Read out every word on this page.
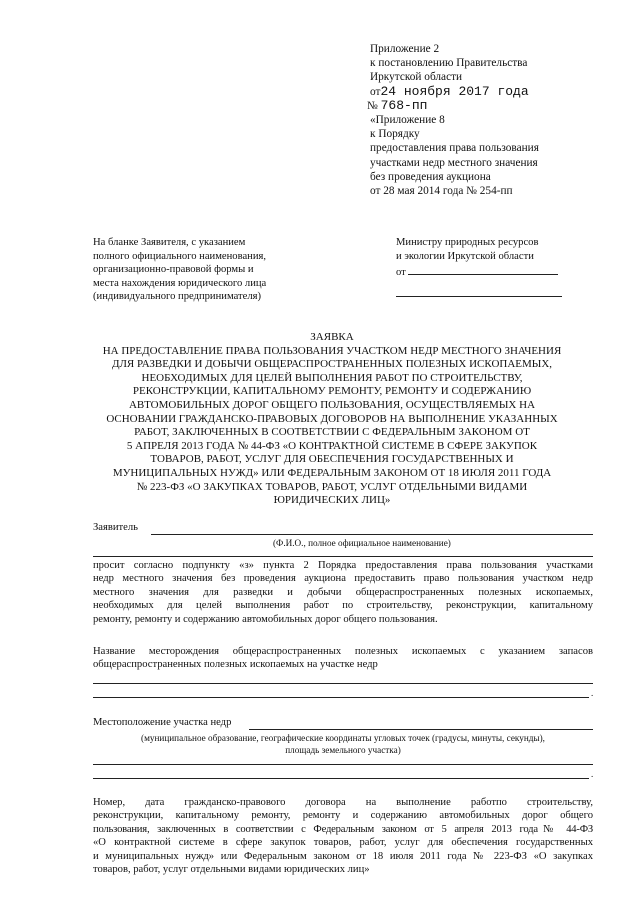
Приложение 2
к постановлению Правительства
Иркутской области
от24 ноября 2017 года
№ 768-пп
«Приложение 8
к Порядку
предоставления права пользования
участками недр местного значения
без проведения аукциона
от 28 мая 2014 года № 254-пп
На бланке Заявителя, с указанием
полного официального наименования,
организационно-правовой формы и
места нахождения юридического лица
(индивидуального предпринимателя)
Министру природных ресурсов
и экологии Иркутской области
от
ЗАЯВКА
НА ПРЕДОСТАВЛЕНИЕ ПРАВА ПОЛЬЗОВАНИЯ УЧАСТКОМ НЕДР МЕСТНОГО ЗНАЧЕНИЯ
ДЛЯ РАЗВЕДКИ И ДОБЫЧИ ОБЩЕРАСПРОСТРАНЕННЫХ ПОЛЕЗНЫХ ИСКОПАЕМЫХ,
НЕОБХОДИМЫХ ДЛЯ ЦЕЛЕЙ ВЫПОЛНЕНИЯ РАБОТ ПО СТРОИТЕЛЬСТВУ,
РЕКОНСТРУКЦИИ, КАПИТАЛЬНОМУ РЕМОНТУ, РЕМОНТУ И СОДЕРЖАНИЮ
АВТОМОБИЛЬНЫХ ДОРОГ ОБЩЕГО ПОЛЬЗОВАНИЯ, ОСУЩЕСТВЛЯЕМЫХ НА
ОСНОВАНИИ ГРАЖДАНСКО-ПРАВОВЫХ ДОГОВОРОВ НА ВЫПОЛНЕНИЕ УКАЗАННЫХ
РАБОТ, ЗАКЛЮЧЕННЫХ В СООТВЕТСТВИИ С ФЕДЕРАЛЬНЫМ ЗАКОНОМ ОТ
5 АПРЕЛЯ 2013 ГОДА № 44-ФЗ «О КОНТРАКТНОЙ СИСТЕМЕ В СФЕРЕ ЗАКУПОК
ТОВАРОВ, РАБОТ, УСЛУГ ДЛЯ ОБЕСПЕЧЕНИЯ ГОСУДАРСТВЕННЫХ И
МУНИЦИПАЛЬНЫХ НУЖД» ИЛИ ФЕДЕРАЛЬНЫМ ЗАКОНОМ ОТ 18 ИЮЛЯ 2011 ГОДА
№ 223-ФЗ «О ЗАКУПКАХ ТОВАРОВ, РАБОТ, УСЛУГ ОТДЕЛЬНЫМИ ВИДАМИ
ЮРИДИЧЕСКИХ ЛИЦ»
Заявитель
(Ф.И.О., полное официальное наименование)
просит согласно подпункту «з» пункта 2 Порядка предоставления права пользования участками
недр местного значения без проведения аукциона предоставить право пользования участком недр
местного значения для разведки и добычи общераспространенных полезных ископаемых,
необходимых для целей выполнения работ по строительству, реконструкции, капитальному
ремонту, ремонту и содержанию автомобильных дорог общего пользования.
Название месторождения общераспространенных полезных ископаемых с указанием запасов
общераспространенных полезных ископаемых на участке недр
.
Местоположение участка недр
(муниципальное образование, географические координаты угловых точек (градусы, минуты, секунды),
площадь земельного участка)
.
Номер, дата гражданско-правового договора на выполнение работпо строительству,
реконструкции, капитальному ремонту, ремонту и содержанию автомобильных дорог общего
пользования, заключенных в соответствии с Федеральным законом от 5 апреля 2013 года№ 44-ФЗ
«О контрактной системе в сфере закупок товаров, работ, услуг для обеспечения государственных
и муниципальных нужд» или Федеральным законом от 18 июля 2011 года № 223-ФЗ «О закупках
товаров, работ, услуг отдельными видами юридических лиц»
